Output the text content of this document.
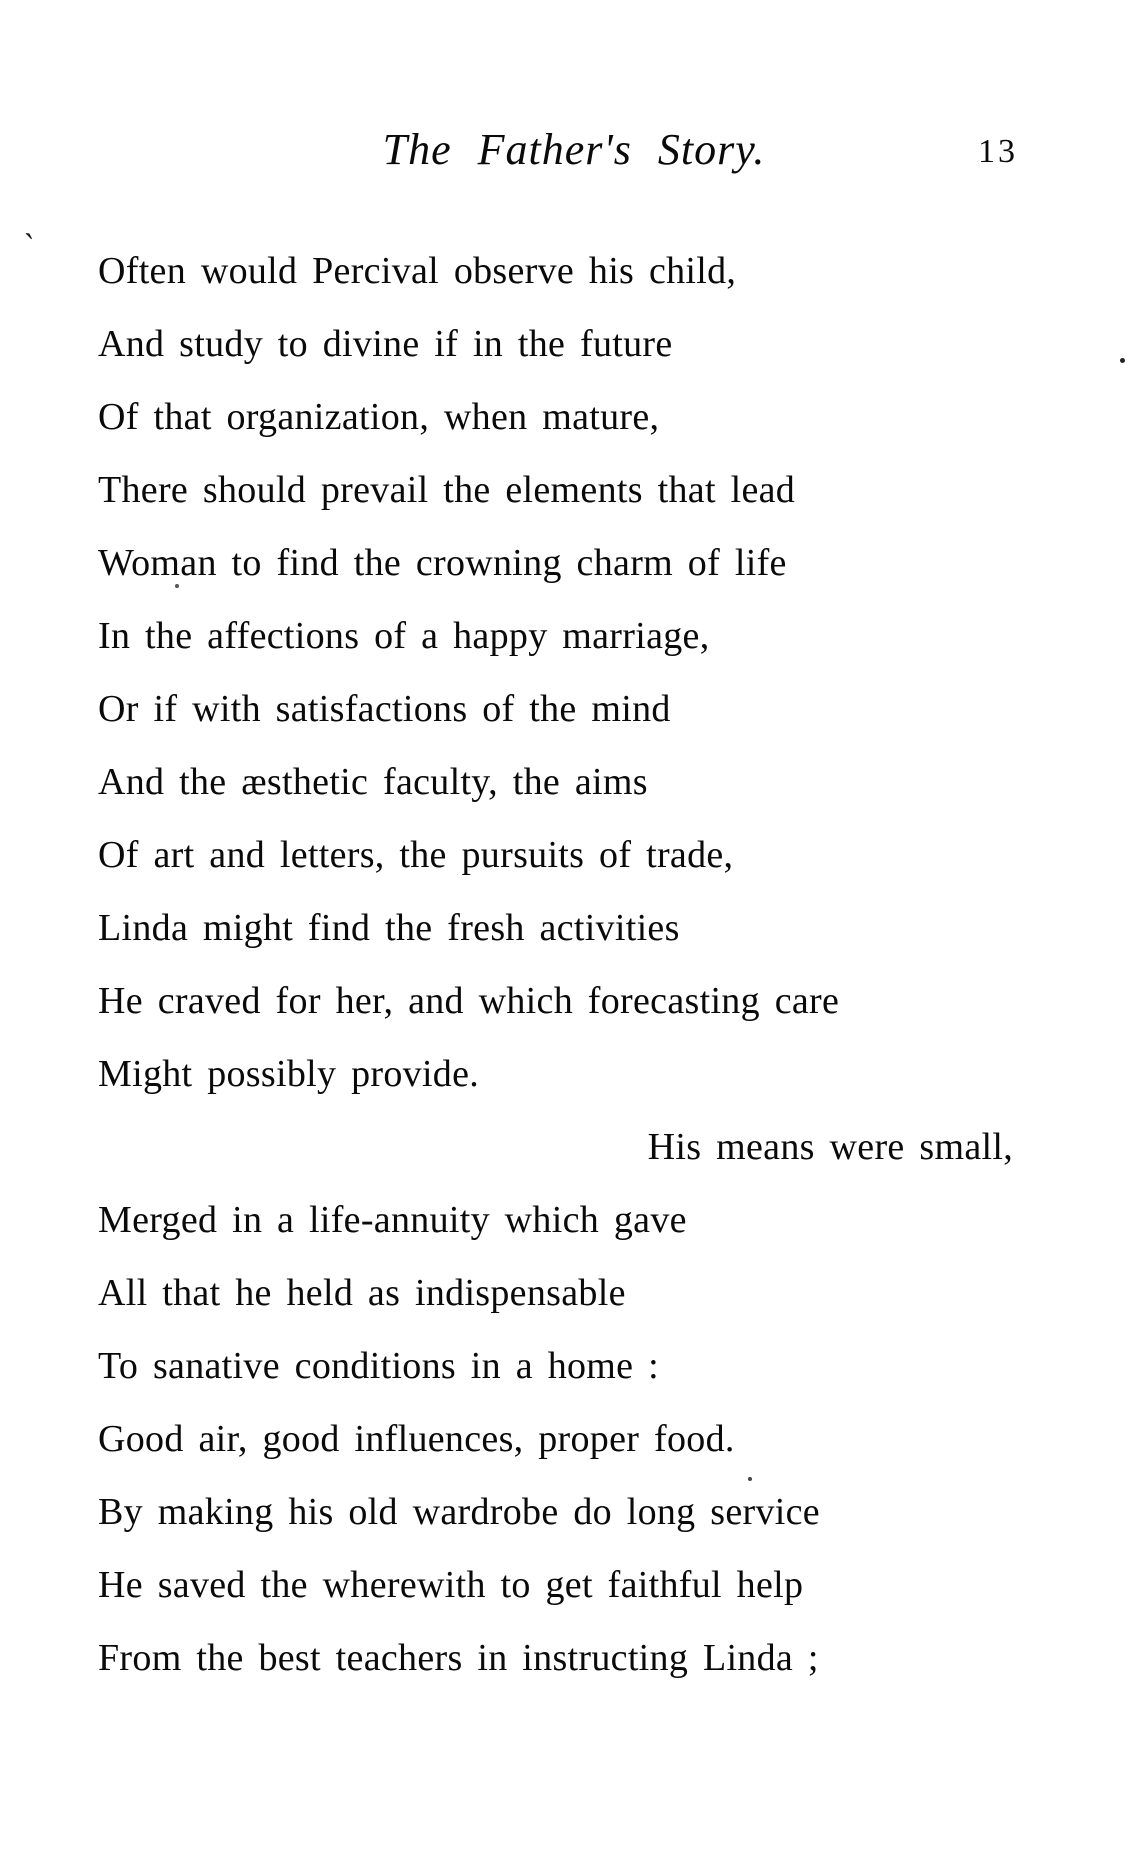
The Father's Story.	13
ˋ
Often would Percival observe his child,
And study to divine if in the future
Of that organization, when mature,
There should prevail the elements that lead
Woman to find the crowning charm of life
In the affections of a happy marriage,
Or if with satisfactions of the mind
And the æsthetic faculty, the aims
Of art and letters, the pursuits of trade,
Linda might find the fresh activities
He craved for her, and which forecasting care
Might possibly provide.
His means were small,
Merged in a life-annuity which gave
All that he held as indispensable
To sanative conditions in a home :
Good air, good influences, proper food.
By making his old wardrobe do long service
He saved the wherewith to get faithful help
From the best teachers in instructing Linda ;
